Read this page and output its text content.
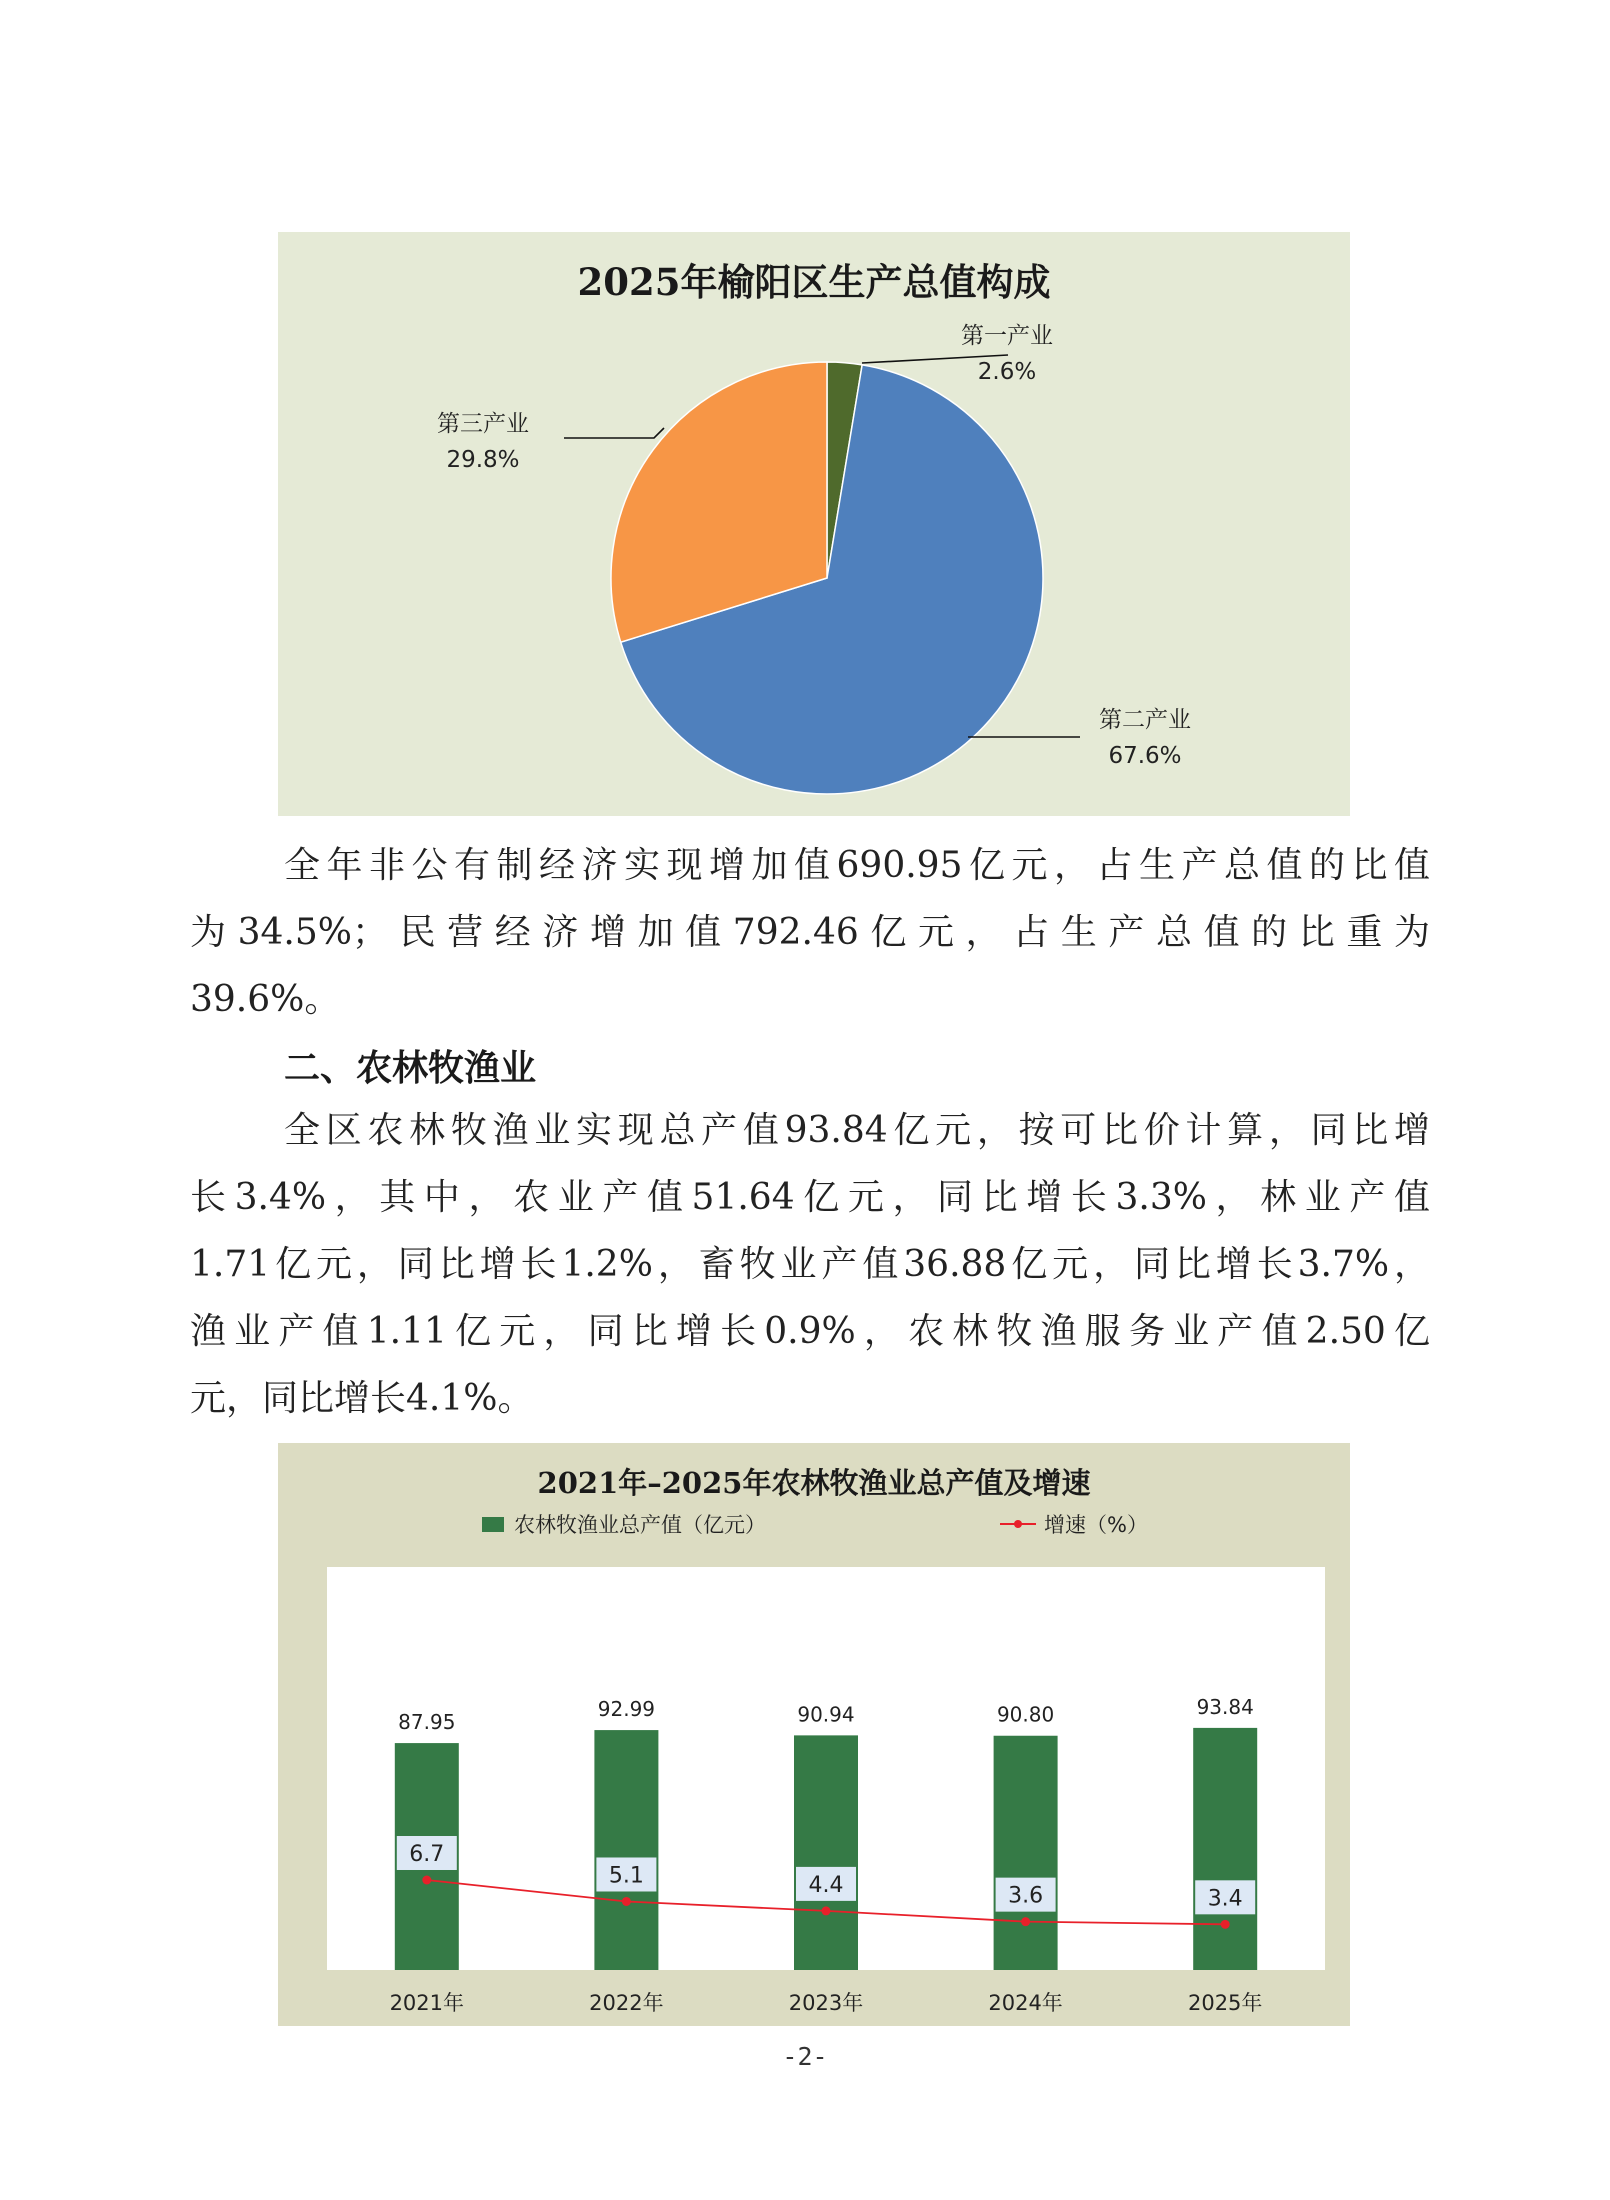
2025年榆阳区生产总值构成
第一产业
2.6%
第三产业
29.8%
第二产业
67.6%
全年非公有制经济实现增加值690.95亿元，占生产总值的比值
为34.5%；民营经济增加值792.46亿元，占生产总值的比重为
39.6%。
二、农林牧渔业
全区农林牧渔业实现总产值93.84亿元，按可比价计算，同比增
长3.4%，其中，农业产值51.64亿元，同比增长3.3%，林业产值
1.71亿元，同比增长1.2%，畜牧业产值36.88亿元，同比增长3.7%，
渔业产值1.11亿元，同比增长0.9%，农林牧渔服务业产值2.50亿
元，同比增长4.1%。
2021年–2025年农林牧渔业总产值及增速
农林牧渔业总产值（亿元）	增速（%）
87.95
2021年
92.99
2022年
90.94
2023年
90.80
2024年
93.84
2025年
6.7
5.1	4.4	3.6	3.4
-2-
